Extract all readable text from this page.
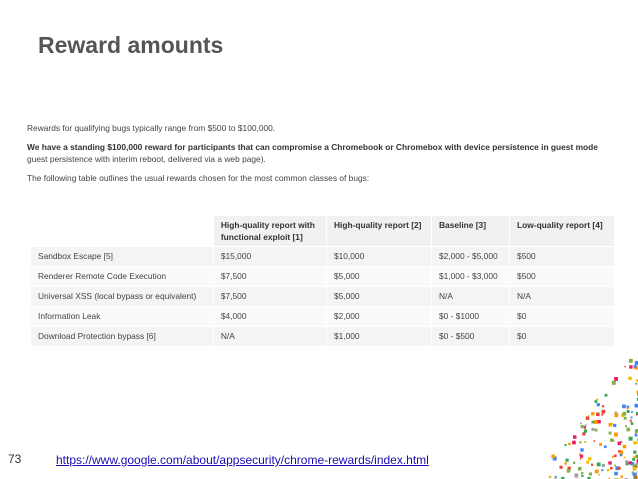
Reward amounts

Rewards for qualifying bugs typically range from $500 to $100,000.

We have a standing $100,000 reward for participants that can compromise a Chromebook or Chromebox with device persistence in guest mode
guest persistence with interim reboot, delivered via a web page).

The following table outlines the usual rewards chosen for the most common classes of bugs:

	High-quality report with functional exploit [1]	High-quality report [2]	Baseline [3]	Low-quality report [4]
Sandbox Escape [5]	$15,000	$10,000	$2,000 - $5,000	$500
Renderer Remote Code Execution	$7,500	$5,000	$1,000 - $3,000	$500
Universal XSS (local bypass or equivalent)	$7,500	$5,000	N/A	N/A
Information Leak	$4,000	$2,000	$0 - $1000	$0
Download Protection bypass [6]	N/A	$1,000	$0 - $500	$0
73	https://www.google.com/about/appsecurity/chrome-rewards/index.html
